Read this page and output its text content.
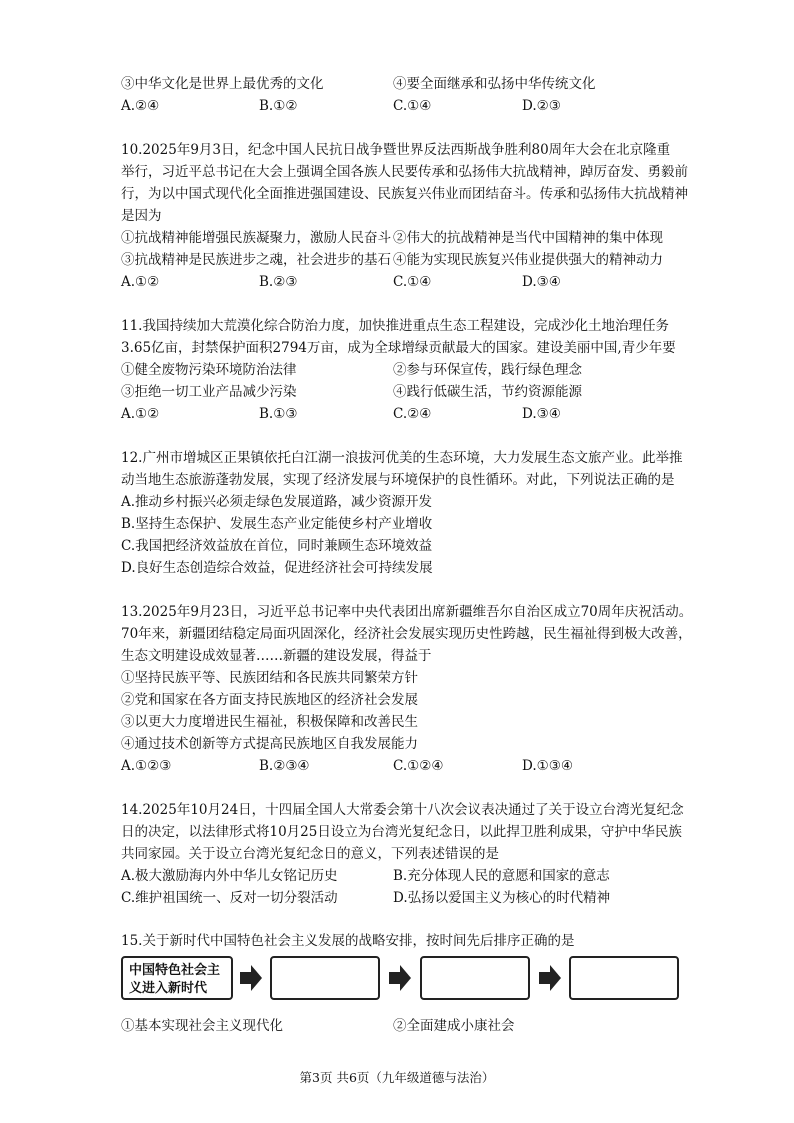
③中华文化是世界上最优秀的文化	④要全面继承和弘扬中华传统文化
A.②④	B.①②	C.①④	D.②③
10.2025年9月3日，纪念中国人民抗日战争暨世界反法西斯战争胜利80周年大会在北京隆重
举行，习近平总书记在大会上强调全国各族人民要传承和弘扬伟大抗战精神，踔厉奋发、勇毅前
行，为以中国式现代化全面推进强国建设、民族复兴伟业而团结奋斗。传承和弘扬伟大抗战精神
是因为
①抗战精神能增强民族凝聚力，激励人民奋斗 ②伟大的抗战精神是当代中国精神的集中体现
③抗战精神是民族进步之魂，社会进步的基石 ④能为实现民族复兴伟业提供强大的精神动力
A.①②	B.②③	C.①④	D.③④
11.我国持续加大荒漠化综合防治力度，加快推进重点生态工程建设，完成沙化土地治理任务
3.65亿亩，封禁保护面积2794万亩，成为全球增绿贡献最大的国家。建设美丽中国,青少年要
①健全废物污染环境防治法律	②参与环保宣传，践行绿色理念
③拒绝一切工业产品减少污染	④践行低碳生活，节约资源能源
A.①②	B.①③	C.②④	D.③④
12.广州市增城区正果镇依托白江湖一浪拔河优美的生态环境，大力发展生态文旅产业。此举推
动当地生态旅游蓬勃发展，实现了经济发展与环境保护的良性循环。对此，下列说法正确的是
A.推动乡村振兴必须走绿色发展道路，减少资源开发
B.坚持生态保护、发展生态产业定能使乡村产业增收
C.我国把经济效益放在首位，同时兼顾生态环境效益
D.良好生态创造综合效益，促进经济社会可持续发展
13.2025年9月23日，习近平总书记率中央代表团出席新疆维吾尔自治区成立70周年庆祝活动。
70年来，新疆团结稳定局面巩固深化，经济社会发展实现历史性跨越，民生福祉得到极大改善，
生态文明建设成效显著……新疆的建设发展，得益于
①坚持民族平等、民族团结和各民族共同繁荣方针
②党和国家在各方面支持民族地区的经济社会发展
③以更大力度增进民生福祉，积极保障和改善民生
④通过技术创新等方式提高民族地区自我发展能力
A.①②③	B.②③④	C.①②④	D.①③④
14.2025年10月24日，十四届全国人大常委会第十八次会议表决通过了关于设立台湾光复纪念
日的决定，以法律形式将10月25日设立为台湾光复纪念日，以此捍卫胜利成果，守护中华民族
共同家园。关于设立台湾光复纪念日的意义，下列表述错误的是
A.极大激励海内外中华儿女铭记历史	B.充分体现人民的意愿和国家的意志
C.维护祖国统一、反对一切分裂活动	D.弘扬以爱国主义为核心的时代精神
15.关于新时代中国特色社会主义发展的战略安排，按时间先后排序正确的是
中国特色社会主
义进入新时代
①基本实现社会主义现代化	②全面建成小康社会
第3页 共6页（九年级道德与法治）
